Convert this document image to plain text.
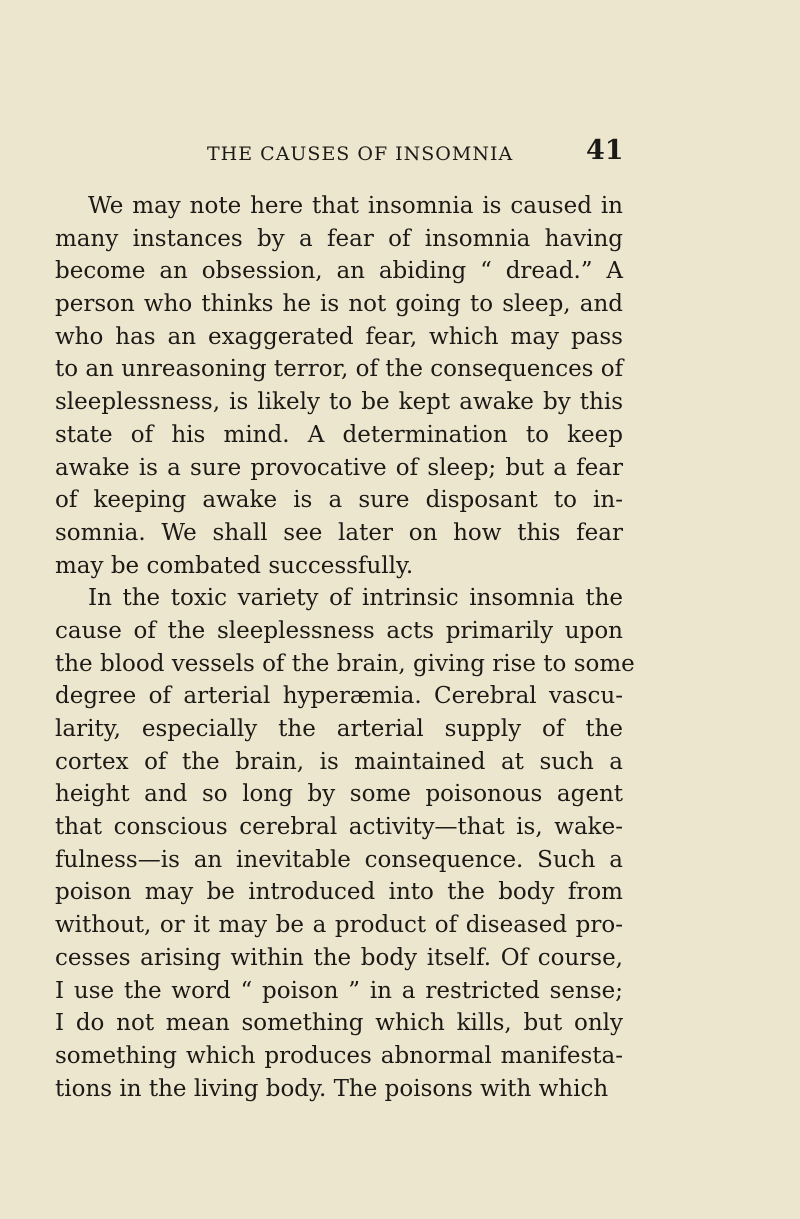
THE CAUSES OF INSOMNIA	41
We may note here that insomnia is caused in
many instances by a fear of insomnia having
become an obsession, an abiding “ dread.” A
person who thinks he is not going to sleep, and
who has an exaggerated fear, which may pass
to an unreasoning terror, of the consequences of
sleeplessness, is likely to be kept awake by this
state of his mind. A determination to keep
awake is a sure provocative of sleep; but a fear
of keeping awake is a sure disposant to in-
somnia. We shall see later on how this fear
may be combated successfully.
In the toxic variety of intrinsic insomnia the
cause of the sleeplessness acts primarily upon
the blood vessels of the brain, giving rise to some
degree of arterial hyperæmia. Cerebral vascu-
larity, especially the arterial supply of the
cortex of the brain, is maintained at such a
height and so long by some poisonous agent
that conscious cerebral activity—that is, wake-
fulness—is an inevitable consequence. Such a
poison may be introduced into the body from
without, or it may be a product of diseased pro-
cesses arising within the body itself. Of course,
I use the word “ poison ” in a restricted sense;
I do not mean something which kills, but only
something which produces abnormal manifesta-
tions in the living body. The poisons with which
